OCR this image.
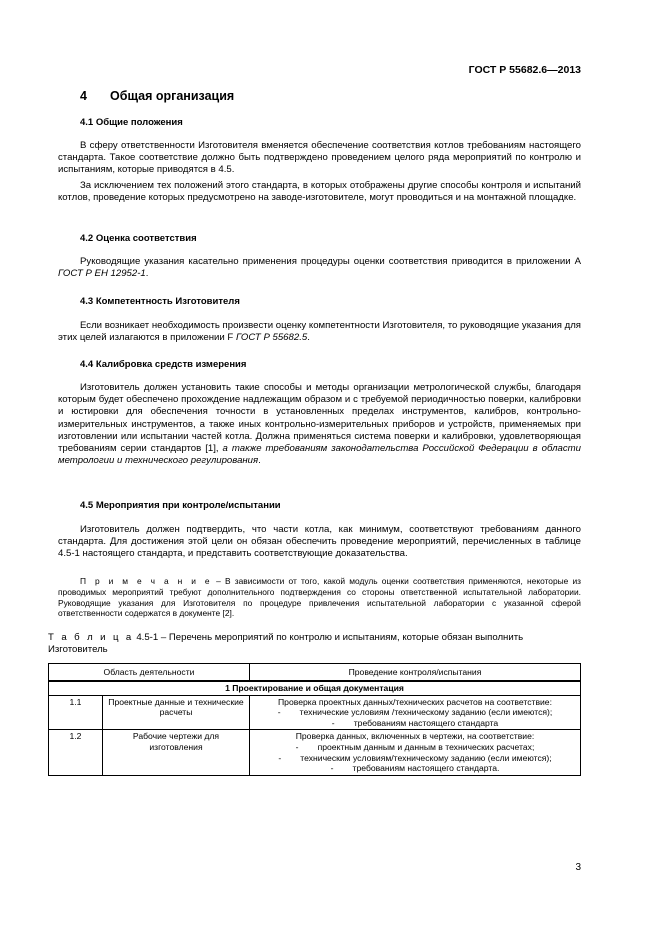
ГОСТ Р 55682.6—2013
4 Общая организация
4.1 Общие положения
В сферу ответственности Изготовителя вменяется обеспечение соответствия котлов требованиям настоящего стандарта. Такое соответствие должно быть подтверждено проведением целого ряда мероприятий по контролю и испытаниям, которые приводятся в 4.5.
За исключением тех положений этого стандарта, в которых отображены другие способы контроля и испытаний котлов, проведение которых предусмотрено на заводе-изготовителе, могут проводиться и на монтажной площадке.
4.2 Оценка соответствия
Руководящие указания касательно применения процедуры оценки соответствия приводится в приложении А ГОСТ Р ЕН 12952-1.
4.3 Компетентность Изготовителя
Если возникает необходимость произвести оценку компетентности Изготовителя, то руководящие указания для этих целей излагаются в приложении F ГОСТ Р 55682.5.
4.4 Калибровка средств измерения
Изготовитель должен установить такие способы и методы организации метрологической службы, благодаря которым будет обеспечено прохождение надлежащим образом и с требуемой периодичностью поверки, калибровки и юстировки для обеспечения точности в установленных пределах инструментов, калибров, контрольно-измерительных инструментов, а также иных контрольно-измерительных приборов и устройств, применяемых при изготовлении или испытании частей котла. Должна применяться система поверки и калибровки, удовлетворяющая требованиям серии стандартов [1], а также требованиям законодательства Российской Федерации в области метрологии и технического регулирования.
4.5 Мероприятия при контроле/испытании
Изготовитель должен подтвердить, что части котла, как минимум, соответствуют требованиям данного стандарта. Для достижения этой цели он обязан обеспечить проведение мероприятий, перечисленных в таблице 4.5-1 настоящего стандарта, и представить соответствующие доказательства.
П р и м е ч а н и е – В зависимости от того, какой модуль оценки соответствия применяются, некоторые из проводимых мероприятий требуют дополнительного подтверждения со стороны ответственной испытательной лаборатории. Руководящие указания для Изготовителя по процедуре привлечения испытательной лаборатории с указанной сферой ответственности содержатся в документе [2].
Т а б л и ц а 4.5-1 – Перечень мероприятий по контролю и испытаниям, которые обязан выполнить Изготовитель
Область деятельности		Проведение контроля/испытания
1 Проектирование и общая документация		
1.1	Проектные данные и технические расчеты	Проверка проектных данных/технических расчетов на соответствие:
-        технические условиям /техническому заданию (если имеются);
-        требованиям настоящего стандарта

1.2	Рабочие чертежи для изготовления	Проверка данных, включенных в чертежи, на соответствие:
-        проектным данным и данным в технических расчетах;
-        техническим условиям/техническому заданию (если имеются);
-        требованиям настоящего стандарта.
3
